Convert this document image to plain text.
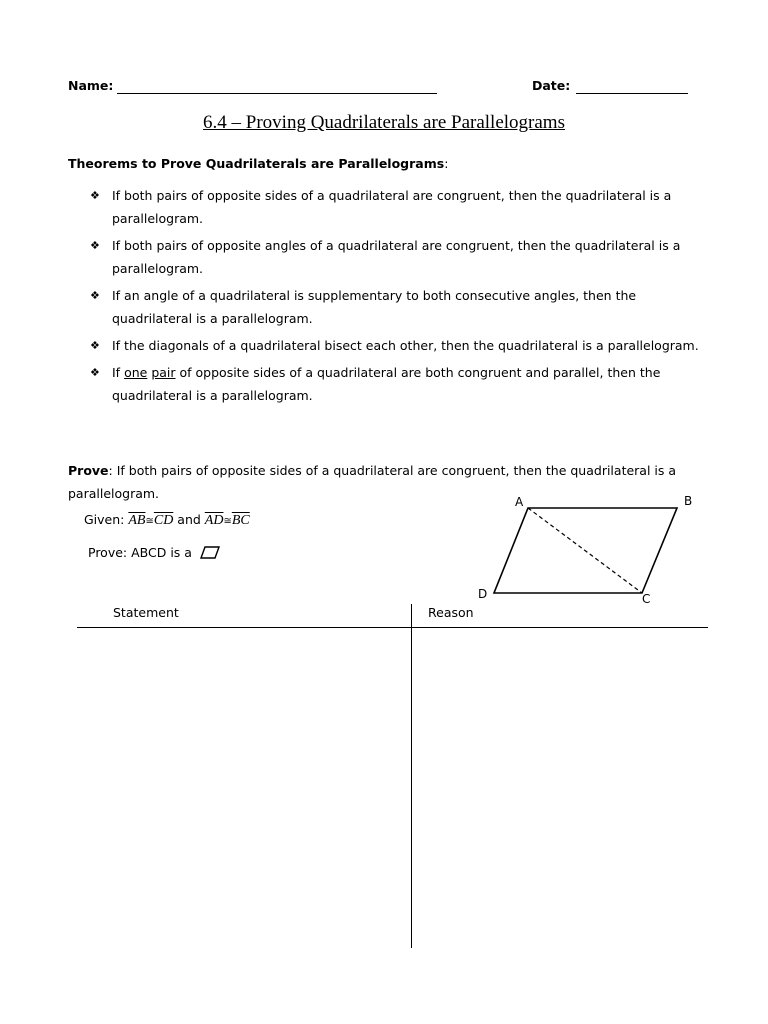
Name:	Date:
6.4 – Proving Quadrilaterals are Parallelograms
Theorems to Prove Quadrilaterals are Parallelograms:
❖ If both pairs of opposite sides of a quadrilateral are congruent, then the quadrilateral is a parallelogram.
❖ If both pairs of opposite angles of a quadrilateral are congruent, then the quadrilateral is a parallelogram.
❖ If an angle of a quadrilateral is supplementary to both consecutive angles, then the quadrilateral is a parallelogram.
❖ If the diagonals of a quadrilateral bisect each other, then the quadrilateral is a parallelogram.
❖ If one pair of opposite sides of a quadrilateral are both congruent and parallel, then the quadrilateral is a parallelogram.
Prove: If both pairs of opposite sides of a quadrilateral are congruent, then the quadrilateral is a parallelogram.
Given: $\overline{AB}≅\overline{CD}$ and $\overline{AD}≅\overline{BC}$
Prove: ABCD is a
A	B
C
D
Statement	Reason
